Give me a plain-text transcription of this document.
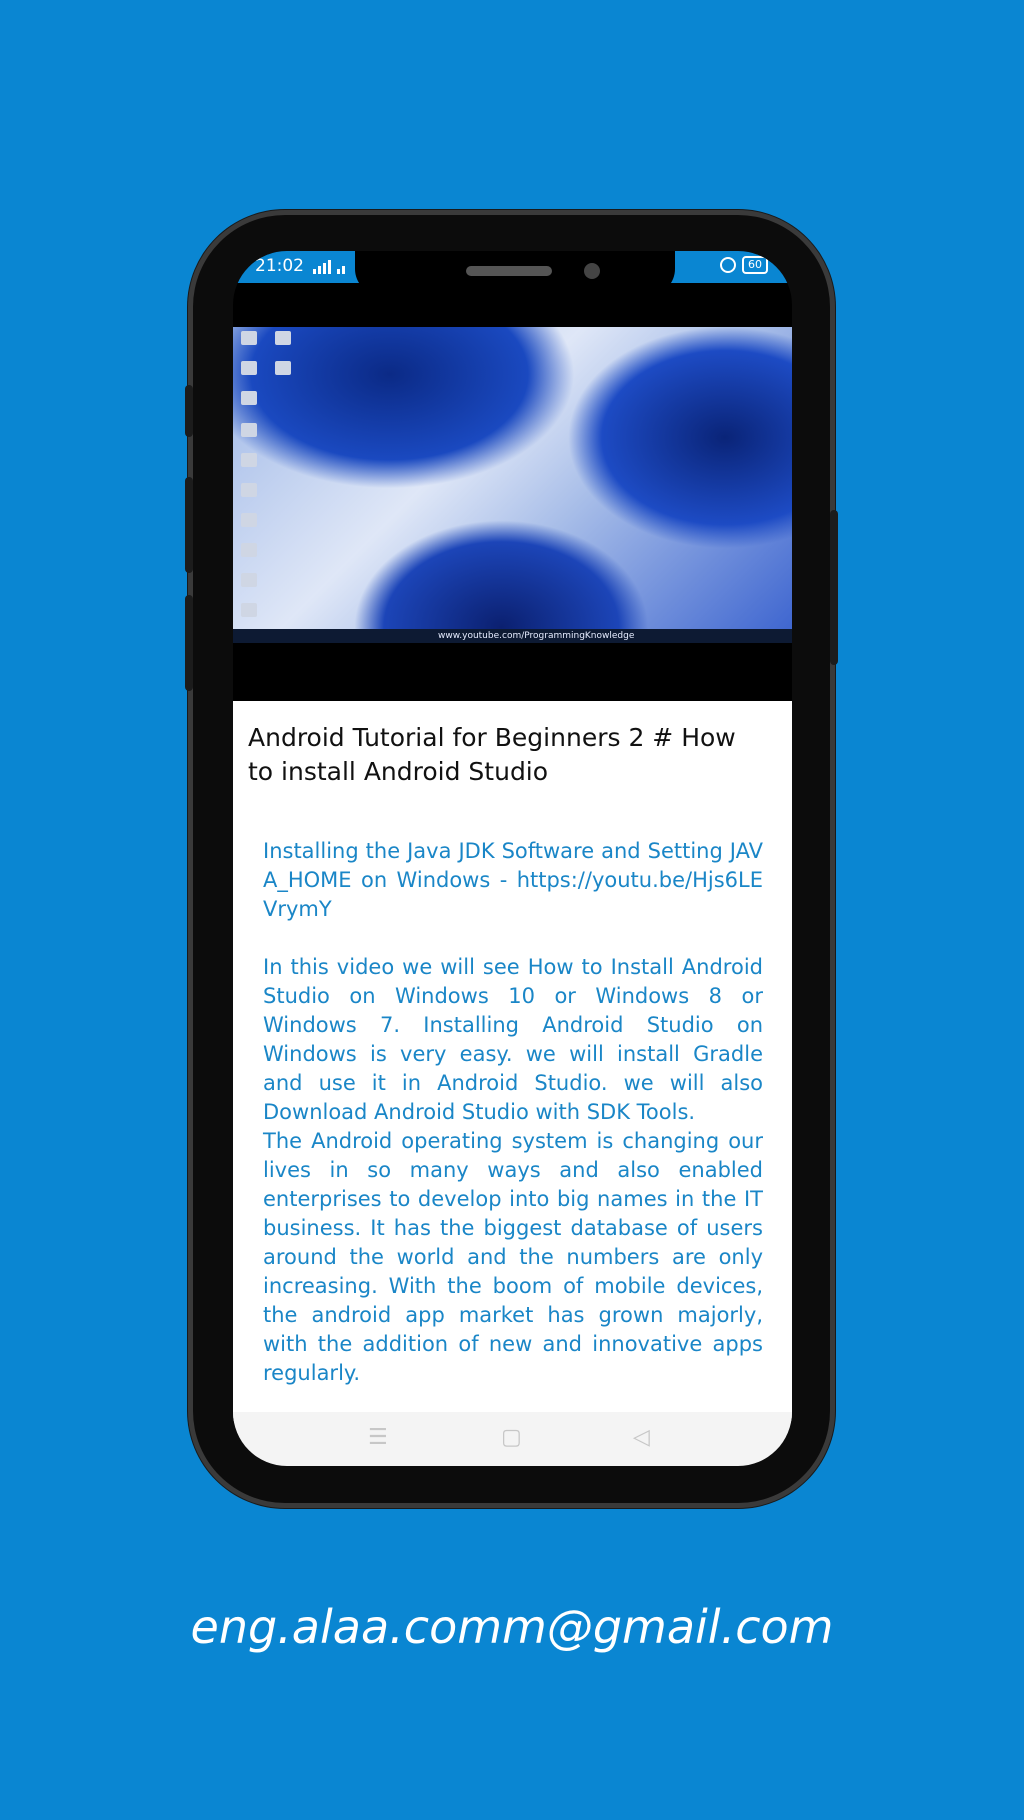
21:02	60
www.youtube.com/ProgrammingKnowledge
Android Tutorial for Beginners 2 # How to install Android Studio

Installing the Java JDK Software and Setting JAVA_HOME on Windows - https://youtu.be/Hjs6LEVrymY

In this video we will see How to Install Android Studio on Windows 10 or Windows 8 or Windows 7. Installing Android Studio on Windows is very easy. we will install Gradle and use it in Android Studio. we will also Download Android Studio with SDK Tools.

The Android operating system is changing our lives in so many ways and also enabled enterprises to develop into big names in the IT business. It has the biggest database of users around the world and the numbers are only increasing. With the boom of mobile devices, the android app market has grown majorly, with the addition of new and innovative apps regularly.

☰	▢	◁
eng.alaa.comm@gmail.com
